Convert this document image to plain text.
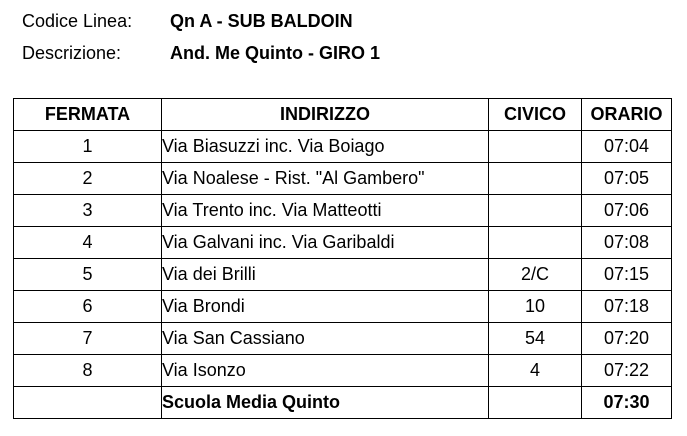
Codice Linea: Qn A - SUB BALDOIN
Descrizione:	And. Me Quinto - GIRO 1
FERMATA	INDIRIZZO	CIVICO	ORARIO
1	Via Biasuzzi inc. Via Boiago		07:04
2	Via Noalese - Rist. "Al Gambero"		07:05
3	Via Trento inc. Via Matteotti		07:06
4	Via Galvani inc. Via Garibaldi		07:08
5	Via dei Brilli	2/C	07:15
6	Via Brondi	10	07:18
7	Via San Cassiano	54	07:20
8	Via Isonzo	4	07:22
	Scuola Media Quinto		07:30
